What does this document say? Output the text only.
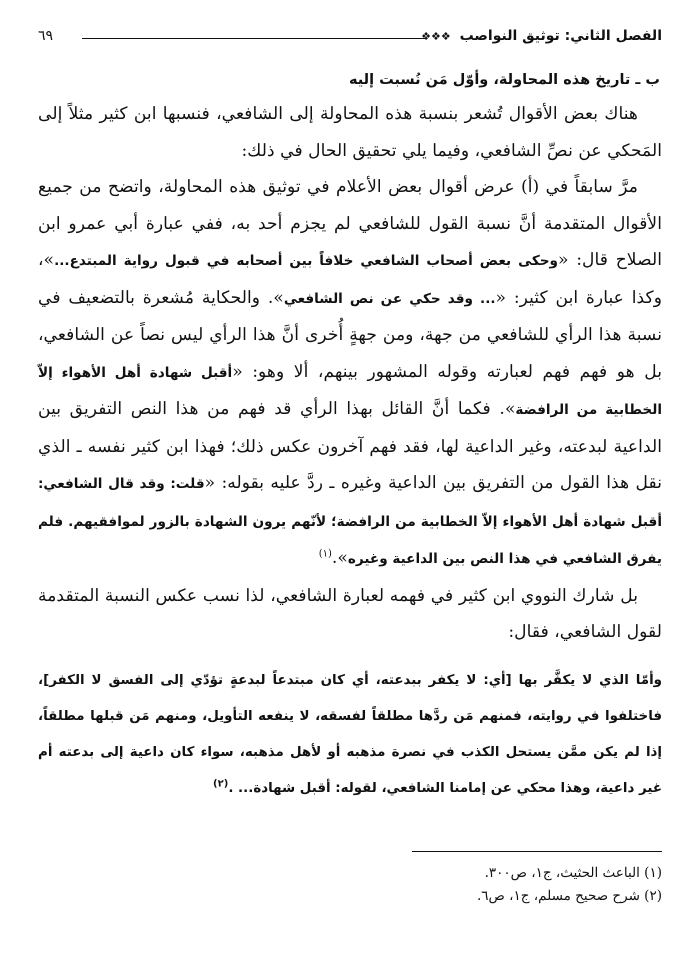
الفصل الثاني: توثيق النواصب ❖❖❖
٦٩
ب ـ تاريخ هذه المحاولة، وأوّل مَن نُسبت إليه

هناك بعض الأقوال تُشعر بنسبة هذه المحاولة إلى الشافعي، فنسبها ابن كثير مثلاً إلى المَحكي عن نصِّ الشافعي، وفيما يلي تحقيق الحال في ذلك:

مرَّ سابقاً في (أ) عرض أقوال بعض الأعلام في توثيق هذه المحاولة، واتضح من جميع الأقوال المتقدمة أنَّ نسبة القول للشافعي لم يجزم أحد به، ففي عبارة أبي عمرو ابن الصلاح قال: «وحكى بعض أصحاب الشافعي خلافاً بين أصحابه في قبول رواية المبتدع...»، وكذا عبارة ابن كثير: «... وقد حكي عن نص الشافعي». والحكاية مُشعرة بالتضعيف في نسبة هذا الرأي للشافعي من جهة، ومن جهةٍ أُخرى أنَّ هذا الرأي ليس نصاً عن الشافعي، بل هو فهم فهم لعبارته وقوله المشهور بينهم، ألا وهو: «أقبل شهادة أهل الأهواء إلاّ الخطابية من الرافضة». فكما أنَّ القائل بهذا الرأي قد فهم من هذا النص التفريق بين الداعية لبدعته، وغير الداعية لها، فقد فهم آخرون عكس ذلك؛ فهذا ابن كثير نفسه ـ الذي نقل هذا القول من التفريق بين الداعية وغيره ـ ردَّ عليه بقوله: «قلت: وقد قال الشافعي: أقبل شهادة أهل الأهواء إلاّ الخطابية من الرافضة؛ لأنّهم يرون الشهادة بالزور لموافقيهم. فلم يفرق الشافعي في هذا النص بين الداعية وغيره».$^{(١)}$

بل شارك النووي ابن كثير في فهمه لعبارة الشافعي، لذا نسب عكس النسبة المتقدمة لقول الشافعي، فقال:

وأمّا الذي لا يكفَّر بها [أي: لا يكفر ببدعته، أي كان مبتدعاً لبدعةٍ تؤدّي إلى الفسق لا الكفر]، فاختلفوا في روايته، فمنهم مَن ردَّها مطلقاً لفسقه، لا ينفعه التأويل، ومنهم مَن قبلها مطلقاً، إذا لم يكن ممَّن يستحل الكذب في نصرة مذهبه أو لأهل مذهبه، سواء كان داعية إلى بدعته أم غير داعية، وهذا محكي عن إمامنا الشافعي، لقوله: أقبل شهادة... .$^{(٢)}$

(١) الباعث الحثيث، ج١، ص٣٠٠.

(٢) شرح صحيح مسلم، ج١، ص٦.
